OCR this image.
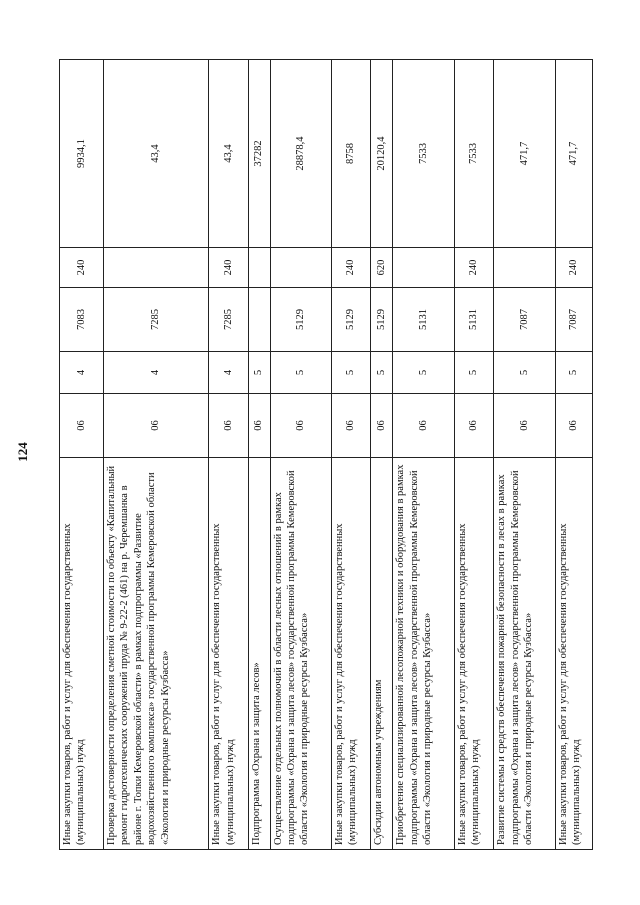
124
Иные закупки товаров, работ и услуг для обеспечения государственных (муниципальных) нужд	06	4	7083	240	9934,1
Проверка достоверности определения сметной стоимости по объекту «Капитальный ремонт гидротехнических сооружений пруда № 9-22-2 (461) на р. Черемшанка в районе г. Топки Кемеровской области» в рамках подпрограммы «Развитие водохозяйственного комплекса» государственной программы Кемеровской области «Экология и природные ресурсы Кузбасса»	06	4	7285		43,4
Иные закупки товаров, работ и услуг для обеспечения государственных (муниципальных) нужд	06	4	7285	240	43,4
Подпрограмма «Охрана и защита лесов»	06	5			37282
Осуществление отдельных полномочий в области лесных отношений в рамках подпрограммы «Охрана и защита лесов» государственной программы Кемеровской области «Экология и природные ресурсы Кузбасса»	06	5	5129		28878,4
Иные закупки товаров, работ и услуг для обеспечения государственных (муниципальных) нужд	06	5	5129	240	8758
Субсидии автономным учреждениям	06	5	5129	620	20120,4
Приобретение специализированной лесопожарной техники и оборудования в рамках подпрограммы «Охрана и защита лесов» государственной программы Кемеровской области «Экология и природные ресурсы Кузбасса»	06	5	5131		7533
Иные закупки товаров, работ и услуг для обеспечения государственных (муниципальных) нужд	06	5	5131	240	7533
Развитие системы и средств обеспечения пожарной безопасности в лесах в рамках подпрограммы «Охрана и защита лесов» государственной программы Кемеровской области «Экология и природные ресурсы Кузбасса»	06	5	7087		471,7
Иные закупки товаров, работ и услуг для обеспечения государственных (муниципальных) нужд	06	5	7087	240	471,7
